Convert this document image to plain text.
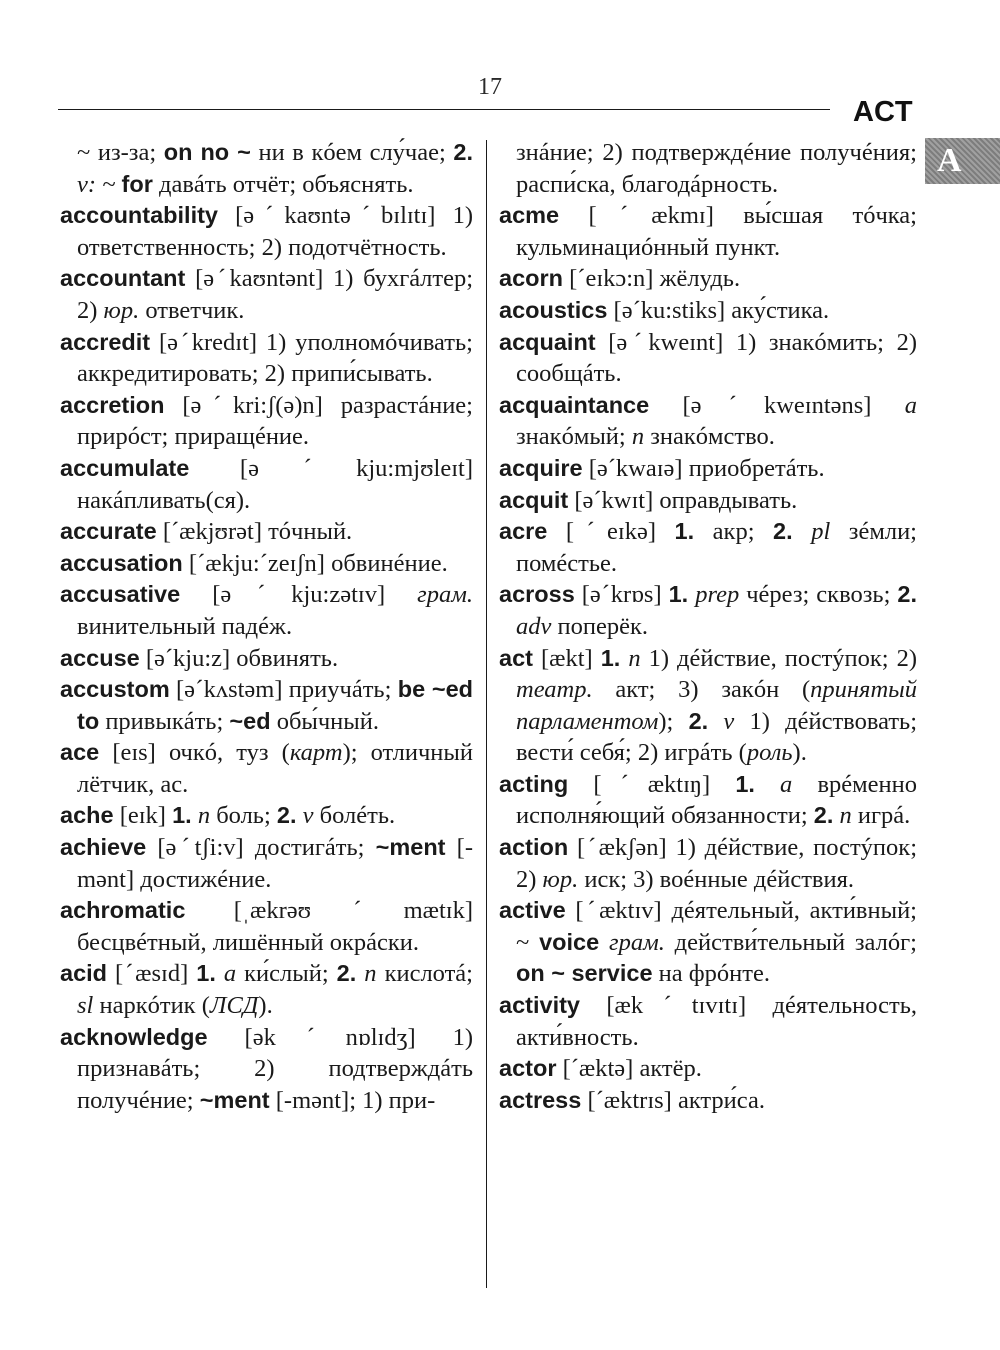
17
ACT
A

~ из-за; on no ~ ни в кóем слу́чае; 2. v: ~ for давáть отчёт; объяснять.

accountability [əˊkaʊntəˊbɪlɪtɪ] 1) ответственность; 2) подотчётность.

accountant [əˊkaʊntənt] 1) бухгáлтер; 2) юр. ответчик.

accredit [əˊkredɪt] 1) уполномóчивать; аккредитировать; 2) припи́сывать.

accretion [əˊkri:ʃ(ə)n] разрастáние; прирóст; приращéние.

accumulate [əˊkju:mjʊleɪt] накáпливать(ся).

accurate [ˊækjʊrət] тóчный.

accusation [ˊækju:ˊzeɪʃn] обвинéние.

accusative [əˊkju:zətɪv] грам. винительный падéж.

accuse [əˊkju:z] обвинять.

accustom [əˊkʌstəm] приучáть; be ~ed to привыкáть; ~ed обы́чный.

ace [eɪs] очкó, туз (карт); отличный лётчик, ас.

ache [eɪk] 1. n боль; 2. v болéть.

achieve [əˊtʃi:v] достигáть; ~ment [-mənt] достижéние.

achromatic [ˌækrəʊˊmætɪk] бесцвéтный, лишённый окрáски.

acid [ˊæsɪd] 1. a ки́слый; 2. n кислотá; sl наркóтик (ЛСД).

acknowledge [əkˊnɒlɪdʒ] 1) признавáть; 2) подтверждáть получéние; ~ment [-mənt]; 1) при-

знáние; 2) подтверждéние получéния; распи́ска, благодáрность.

acme [ˊækmɪ] вы́сшая тóчка; кульминациóнный пункт.

acorn [ˊeɪkɔ:n] жёлудь.

acoustics [əˊku:stiks] аку́стика.

acquaint [əˊkweɪnt] 1) знакóмить; 2) сообщáть.

acquaintance [əˊkweɪntəns] a знакóмый; n знакóмство.

acquire [əˊkwaɪə] приобретáть.

acquit [əˊkwɪt] оправдывать.

acre [ˊeɪkə] 1. акр; 2. pl зéмли; помéстье.

across [əˊkrɒs] 1. prep чéрез; сквозь; 2. adv поперёк.

act [ækt] 1. n 1) дéйствие, постýпок; 2) театр. акт; 3) закóн (принятый парламентом); 2. v 1) дéйствовать; вести́ себя́; 2) игрáть (роль).

acting [ˊæktɪŋ] 1. a врéменно исполня́ющий обязанности; 2. n игрá.

action [ˊækʃən] 1) дéйствие, постýпок; 2) юр. иск; 3) воéнные дéйствия.

active [ˊæktɪv] дéятельный, акти́вный; ~ voice грам. действи́тельный залóг; on ~ service на фрóнте.

activity [ækˊtɪvɪtɪ] дéятельность, акти́вность.

actor [ˊæktə] актёр.

actress [ˊæktrɪs] актри́са.
